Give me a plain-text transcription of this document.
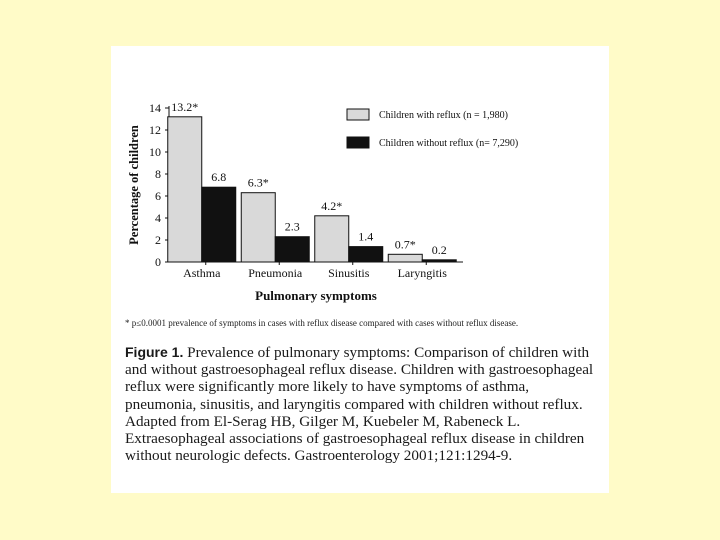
0
2
4
6
8
10
12
14
Percentage of children
13.2*
6.8
Asthma
6.3*
2.3
Pneumonia
4.2*
1.4
Sinusitis
0.7* 0.2
Laryngitis
Pulmonary symptoms
Children with reflux (n = 1,980)
Children without reflux (n= 7,290)
* p≤0.0001 prevalence of symptoms in cases with reflux disease compared with cases without reflux disease.
Figure 1. Prevalence of pulmonary symptoms: Comparison of children with and without gastroesophageal reflux disease. Children with gastroesophageal reflux were significantly more likely to have symptoms of asthma, pneumonia, sinusitis, and laryngitis compared with children without reflux. Adapted from El-Serag HB, Gilger M, Kuebeler M, Rabeneck L. Extraesophageal associations of gastroesophageal reflux disease in children without neurologic defects. Gastroenterology 2001;121:1294-9.
